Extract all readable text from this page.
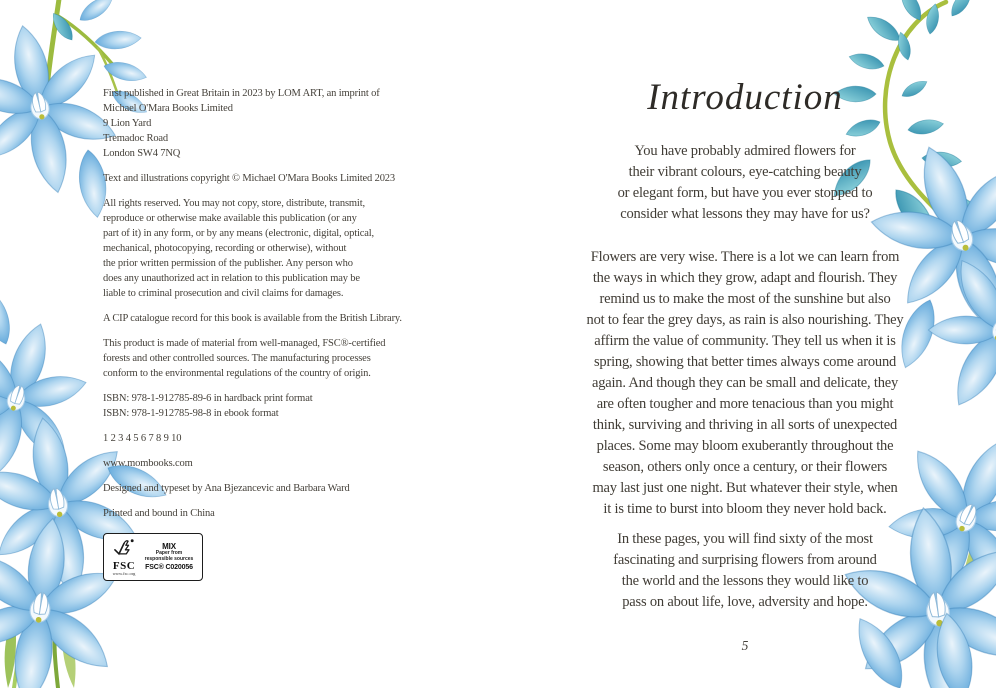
First published in Great Britain in 2023 by LOM ART, an imprint of
Michael O'Mara Books Limited
9 Lion Yard
Tremadoc Road
London SW4 7NQ
Text and illustrations copyright © Michael O'Mara Books Limited 2023
All rights reserved. You may not copy, store, distribute, transmit,
reproduce or otherwise make available this publication (or any
part of it) in any form, or by any means (electronic, digital, optical,
mechanical, photocopying, recording or otherwise), without
the prior written permission of the publisher. Any person who
does any unauthorized act in relation to this publication may be
liable to criminal prosecution and civil claims for damages.
A CIP catalogue record for this book is available from the British Library.
This product is made of material from well-managed, FSC®-certified
forests and other controlled sources. The manufacturing processes
conform to the environmental regulations of the country of origin.
ISBN: 978-1-912785-89-6 in hardback print format
ISBN: 978-1-912785-98-8 in ebook format
1 2 3 4 5 6 7 8 9 10
www.mombooks.com
Designed and typeset by Ana Bjezancevic and Barbara Ward
Printed and bound in China
FSC
www.fsc.org
MIX
Paper from
responsible sources
FSC® C020056
Introduction
You have probably admired flowers for
their vibrant colours, eye-catching beauty
or elegant form, but have you ever stopped to
consider what lessons they may have for us?
Flowers are very wise. There is a lot we can learn from
the ways in which they grow, adapt and flourish. They
remind us to make the most of the sunshine but also
not to fear the grey days, as rain is also nourishing. They
affirm the value of community. They tell us when it is
spring, showing that better times always come around
again. And though they can be small and delicate, they
are often tougher and more tenacious than you might
think, surviving and thriving in all sorts of unexpected
places. Some may bloom exuberantly throughout the
season, others only once a century, or their flowers
may last just one night. But whatever their style, when
it is time to burst into bloom they never hold back.
In these pages, you will find sixty of the most
fascinating and surprising flowers from around
the world and the lessons they would like to
pass on about life, love, adversity and hope.
5
